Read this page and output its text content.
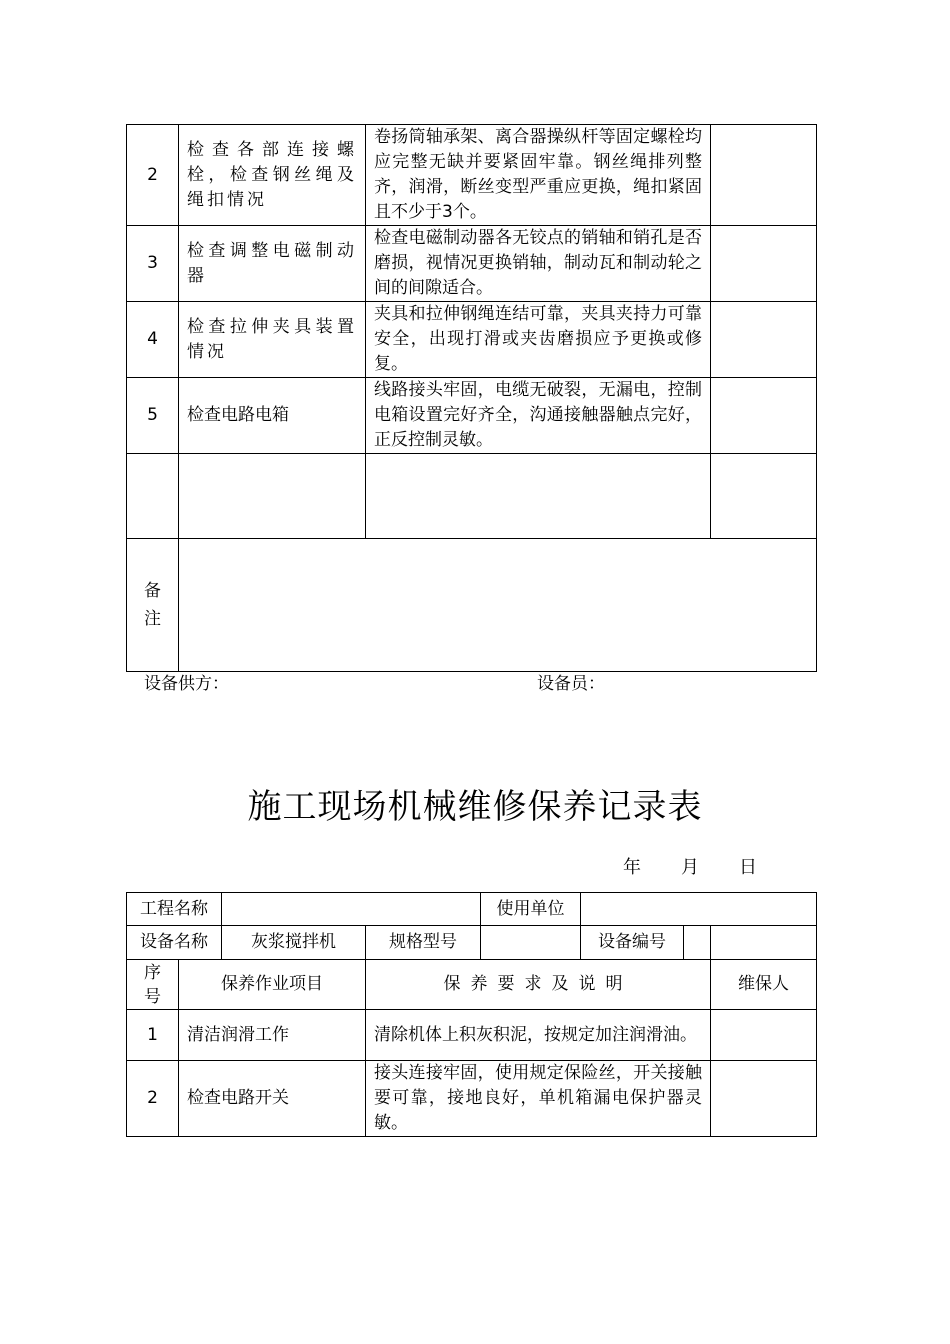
2	检查各部连接螺栓，检查钢丝绳及绳扣情况	卷扬筒轴承架、离合器操纵杆等固定螺栓均应完整无缺并要紧固牢靠。钢丝绳排列整齐，润滑，断丝变型严重应更换，绳扣紧固且不少于3个。	
3	检查调整电磁制动器	检查电磁制动器各无铰点的销轴和销孔是否磨损，视情况更换销轴，制动瓦和制动轮之间的间隙适合。	
4	检查拉伸夹具装置情况	夹具和拉伸钢绳连结可靠，夹具夹持力可靠安全，出现打滑或夹齿磨损应予更换或修复。	
5	检查电路电箱	线路接头牢固，电缆无破裂，无漏电，控制电箱设置完好齐全，沟通接触器触点完好，正反控制灵敏。	

备
注			

设备供方：	设备员：
施工现场机械维修保养记录表
年 月 日
工程名称				使用单位		
设备名称		灰浆搅拌机	规格型号		设备编号	

序
号	保养作业项目		保养要求及说明			维保人
1	清洁润滑工作		清除机体上积灰积泥，按规定加注润滑油。			
2	检查电路开关		接头连接牢固，使用规定保险丝，开关接触要可靠，接地良好，单机箱漏电保护器灵敏。			
